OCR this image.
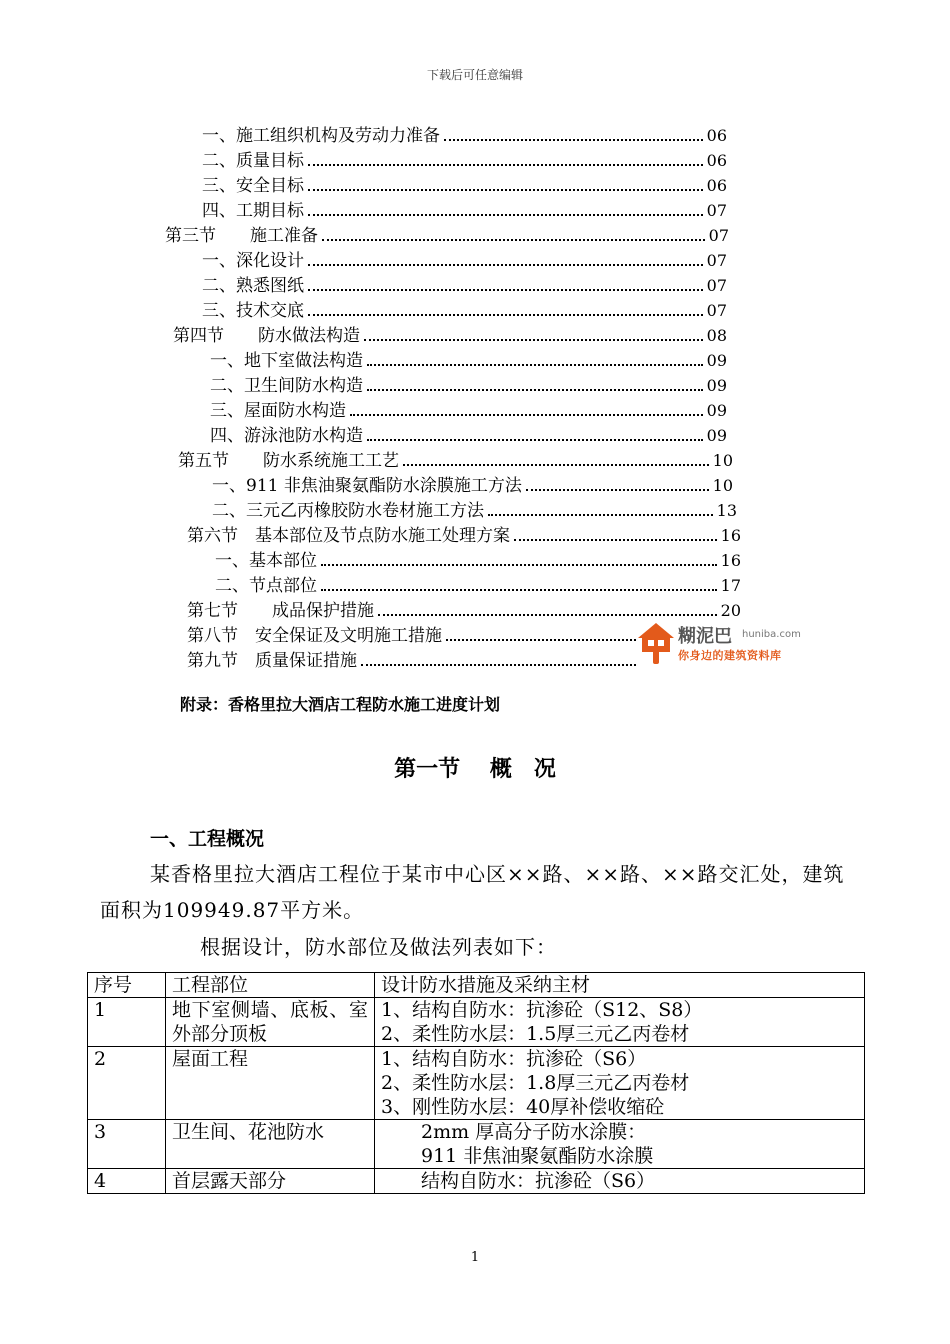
下载后可任意编辑
一、施工组织机构及劳动力准备	06
二、质量目标	06
三、安全目标	06
四、工期目标	07
第三节　　施工准备	07
一、深化设计	07
二、熟悉图纸	07
三、技术交底	07
第四节　　防水做法构造	08
一、地下室做法构造	09
二、卫生间防水构造	09
三、屋面防水构造	09
四、游泳池防水构造	09
第五节　　防水系统施工工艺	10
一、911 非焦油聚氨酯防水涂膜施工方法	10
二、三元乙丙橡胶防水卷材施工方法	13
第六节　基本部位及节点防水施工处理方案	16
一、基本部位	16
二、节点部位	17
第七节　　成品保护措施	20
第八节　安全保证及文明施工措施
第九节　质量保证措施
糊泥巴 huniba.com
你身边的建筑资料库
附录：香格里拉大酒店工程防水施工进度计划
第一节　 概　况
一、工程概况
某香格里拉大酒店工程位于某市中心区××路、××路、××路交汇处，建筑面积为109949.87平方米。
根据设计，防水部位及做法列表如下：
序号	工程部位	设计防水措施及采纳主材
1	地下室侧墙、底板、室外部分顶板	1、结构自防水：抗渗砼（S12、S8）
2、柔性防水层：1.5厚三元乙丙卷材

2	屋面工程	1、结构自防水：抗渗砼（S6）
2、柔性防水层：1.8厚三元乙丙卷材
3、刚性防水层：40厚补偿收缩砼

3	卫生间、花池防水	2mm 厚高分子防水涂膜：
911 非焦油聚氨酯防水涂膜

4	首层露天部分	结构自防水：抗渗砼（S6）
1
